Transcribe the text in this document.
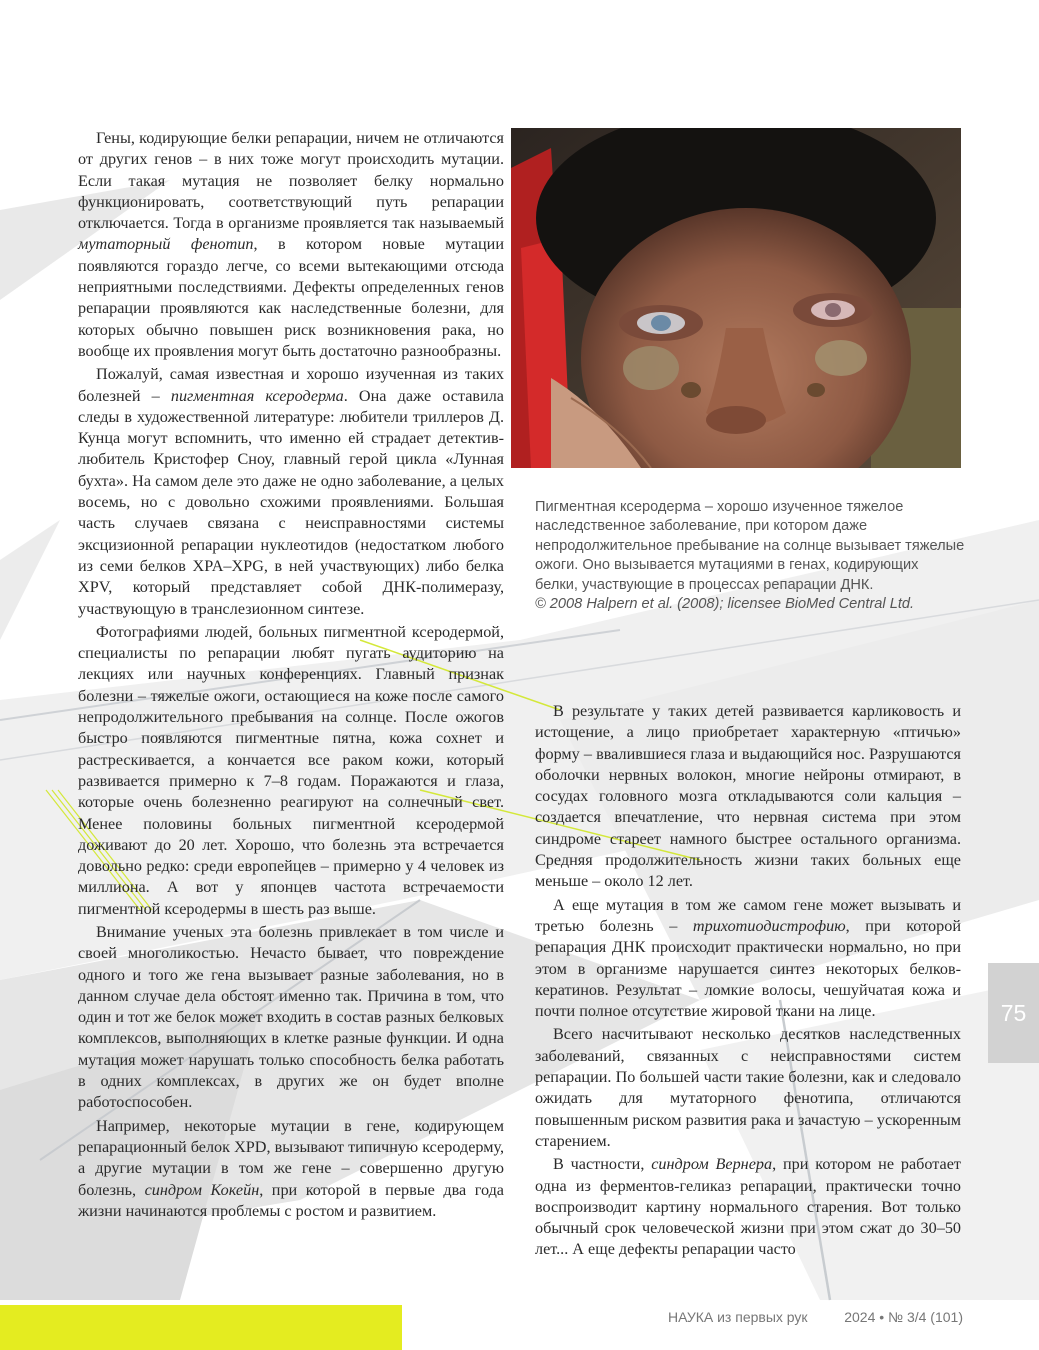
Гены, кодирующие белки репарации, ничем не отличаются от других генов – в них тоже могут происходить мутации. Если такая мутация не позволяет белку нормально функционировать, соответствующий путь репарации отключается. Тогда в организме проявляется так называемый мутаторный фенотип, в котором новые мутации появляются гораздо легче, со всеми вытекающими отсюда неприятными последствиями. Дефекты определенных генов репарации проявляются как наследственные болезни, для которых обычно повышен риск возникновения рака, но вообще их проявления могут быть достаточно разнообразны.

Пожалуй, самая известная и хорошо изученная из таких болезней – пигментная ксеродерма. Она даже оставила следы в художественной литературе: любители триллеров Д. Кунца могут вспомнить, что именно ей страдает детектив-любитель Кристофер Сноу, главный герой цикла «Лунная бухта». На самом деле это даже не одно заболевание, а целых восемь, но с довольно схожими проявлениями. Большая часть случаев связана с неисправностями системы эксцизионной репарации нуклеотидов (недостатком любого из семи белков XPA–XPG, в ней участвующих) либо белка XPV, который представляет собой ДНК-полимеразу, участвующую в транслезионном синтезе.

Фотографиями людей, больных пигментной ксеродермой, специалисты по репарации любят пугать аудиторию на лекциях или научных конференциях. Главный признак болезни – тяжелые ожоги, остающиеся на коже после самого непродолжительного пребывания на солнце. После ожогов быстро появляются пигментные пятна, кожа сохнет и растрескивается, а кончается все раком кожи, который развивается примерно к 7–8 годам. Поражаются и глаза, которые очень болезненно реагируют на солнечный свет. Менее половины больных пигментной ксеродермой доживают до 20 лет. Хорошо, что болезнь эта встречается довольно редко: среди европейцев – примерно у 4 человек из миллиона. А вот у японцев частота встречаемости пигментной ксеродермы в шесть раз выше.

Внимание ученых эта болезнь привлекает в том числе и своей многоликостью. Нечасто бывает, что повреждение одного и того же гена вызывает разные заболевания, но в данном случае дела обстоят именно так. Причина в том, что один и тот же белок может входить в состав разных белковых комплексов, выполняющих в клетке разные функции. И одна мутация может нарушать только способность белка работать в одних комплексах, в других же он будет вполне работоспособен.

Например, некоторые мутации в гене, кодирующем репарационный белок XPD, вызывают типичную ксеродерму, а другие мутации в том же гене – совершенно другую болезнь, синдром Кокейн, при которой в первые два года жизни начинаются проблемы с ростом и развитием.

Пигментная ксеродерма – хорошо изученное тяжелое наследственное заболевание, при котором даже непродолжительное пребывание на солнце вызывает тяжелые ожоги. Оно вызывается мутациями в генах, кодирующих белки, участвующие в процессах репарации ДНК.
© 2008 Halpern et al. (2008); licensee BioMed Central Ltd.

В результате у таких детей развивается карликовость и истощение, а лицо приобретает характерную «птичью» форму – ввалившиеся глаза и выдающийся нос. Разрушаются оболочки нервных волокон, многие нейроны отмирают, в сосудах головного мозга откладываются соли кальция – создается впечатление, что нервная система при этом синдроме стареет намного быстрее остального организма. Средняя продолжительность жизни таких больных еще меньше – около 12 лет.

А еще мутация в том же самом гене может вызывать и третью болезнь – трихотиодистрофию, при которой репарация ДНК происходит практически нормально, но при этом в организме нарушается синтез некоторых белков-кератинов. Результат – ломкие волосы, чешуйчатая кожа и почти полное отсутствие жировой ткани на лице.

Всего насчитывают несколько десятков наследственных заболеваний, связанных с неисправностями систем репарации. По большей части такие болезни, как и следовало ожидать для мутаторного фенотипа, отличаются повышенным риском развития рака и зачастую – ускоренным старением.

В частности, синдром Вернера, при котором не работает одна из ферментов-геликаз репарации, практически точно воспроизводит картину нормального старения. Вот только обычный срок человеческой жизни при этом сжат до 30–50 лет... А еще дефекты репарации часто

75
НАУКА из первых рук	2024 • № 3/4 (101)
